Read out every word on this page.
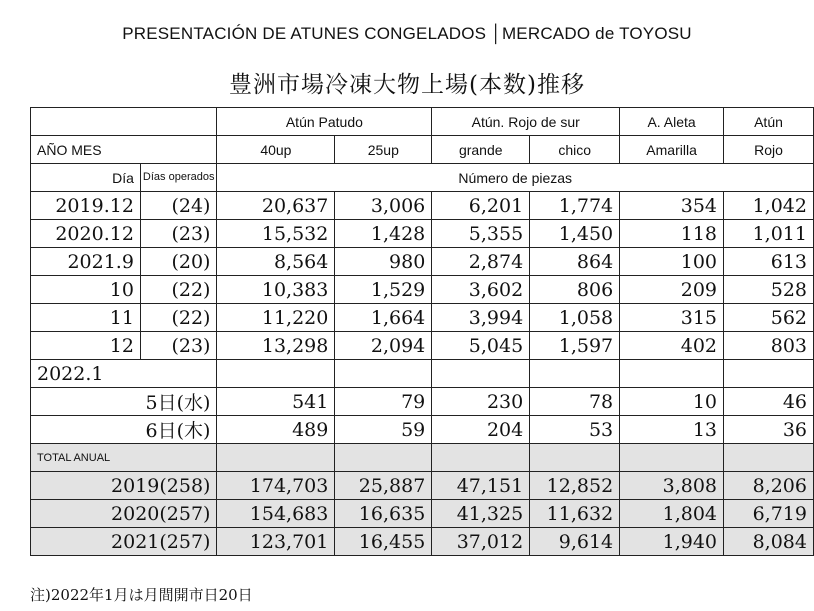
PRESENTACIÓN DE ATUNES CONGELADOS │MERCADO de TOYOSU
豊洲市場冷凍大物上場(本数)推移
		Atún Patudo		Atún. Rojo de sur		A. Aleta	Atún
AÑO MES		40up	25up	grande	chico	Amarilla	Rojo
Día	Días operados	Número de piezas					
2019.12	(24)	20,637	3,006	6,201	1,774	354	1,042
2020.12	(23)	15,532	1,428	5,355	1,450	118	1,011
2021.9	(20)	8,564	980	2,874	864	100	613
10	(22)	10,383	1,529	3,602	806	209	528
11	(22)	11,220	1,664	3,994	1,058	315	562
12	(23)	13,298	2,094	5,045	1,597	402	803
2022.1							
5日(水)		541	79	230	78	10	46
6日(木)		489	59	204	53	13	36
TOTAL ANUAL							
2019(258)		174,703	25,887	47,151	12,852	3,808	8,206
2020(257)		154,683	16,635	41,325	11,632	1,804	6,719
2021(257)		123,701	16,455	37,012	9,614	1,940	8,084
注)2022年1月は月間開市日20日
